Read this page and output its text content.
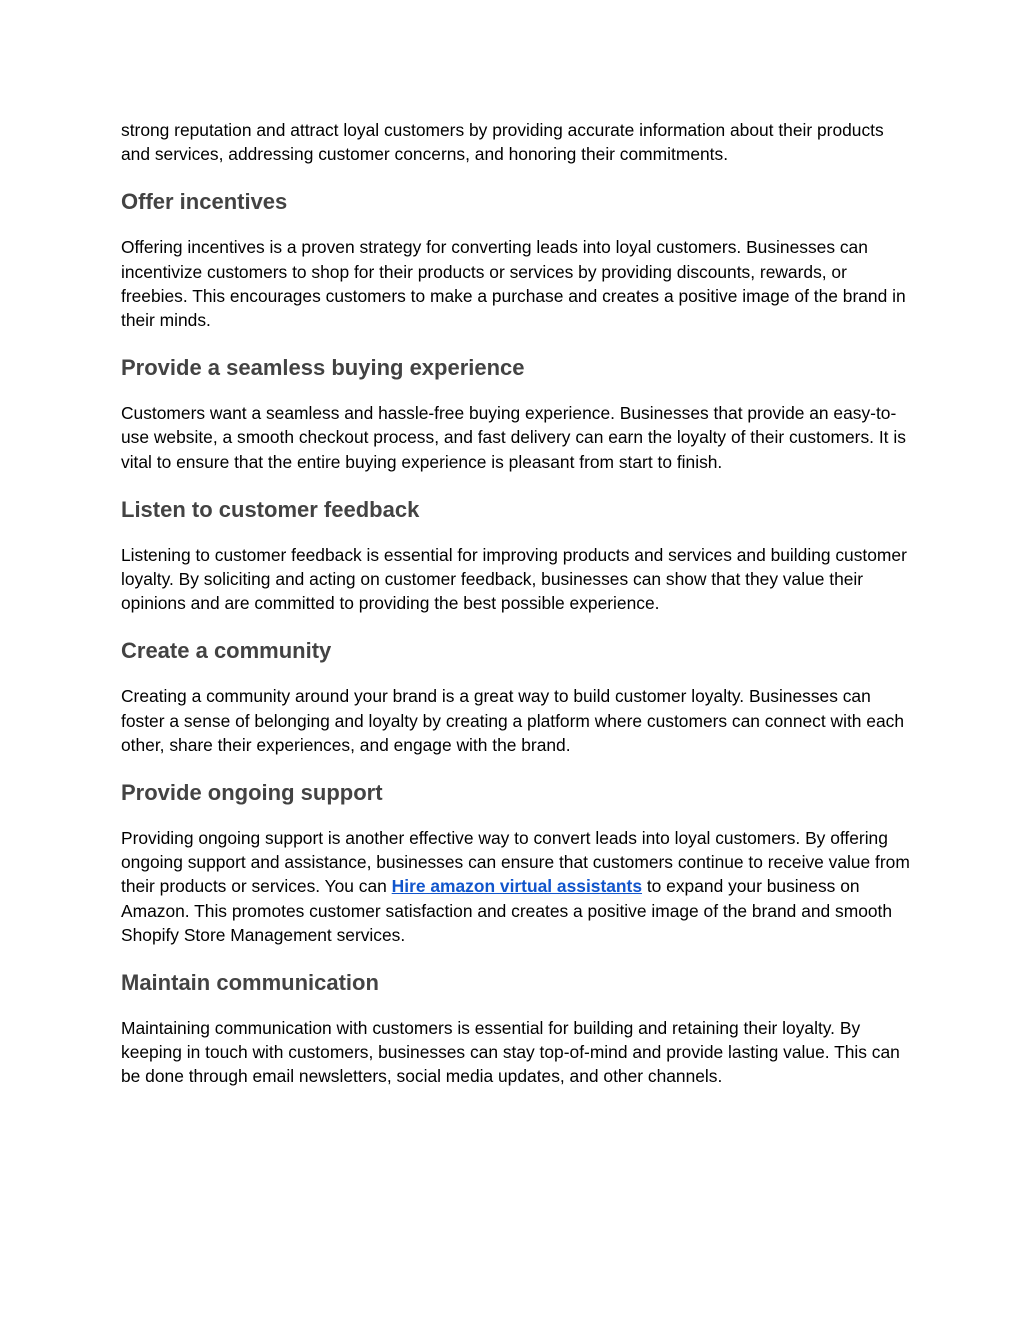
strong reputation and attract loyal customers by providing accurate information about their products and services, addressing customer concerns, and honoring their commitments.

Offer incentives

Offering incentives is a proven strategy for converting leads into loyal customers. Businesses can incentivize customers to shop for their products or services by providing discounts, rewards, or freebies. This encourages customers to make a purchase and creates a positive image of the brand in their minds.

Provide a seamless buying experience

Customers want a seamless and hassle-free buying experience. Businesses that provide an easy-to-use website, a smooth checkout process, and fast delivery can earn the loyalty of their customers. It is vital to ensure that the entire buying experience is pleasant from start to finish.

Listen to customer feedback

Listening to customer feedback is essential for improving products and services and building customer loyalty. By soliciting and acting on customer feedback, businesses can show that they value their opinions and are committed to providing the best possible experience.

Create a community

Creating a community around your brand is a great way to build customer loyalty. Businesses can foster a sense of belonging and loyalty by creating a platform where customers can connect with each other, share their experiences, and engage with the brand.

Provide ongoing support

Providing ongoing support is another effective way to convert leads into loyal customers. By offering ongoing support and assistance, businesses can ensure that customers continue to receive value from their products or services. You can Hire amazon virtual assistants to expand your business on Amazon. This promotes customer satisfaction and creates a positive image of the brand and smooth Shopify Store Management services.

Maintain communication

Maintaining communication with customers is essential for building and retaining their loyalty. By keeping in touch with customers, businesses can stay top-of-mind and provide lasting value. This can be done through email newsletters, social media updates, and other channels.
